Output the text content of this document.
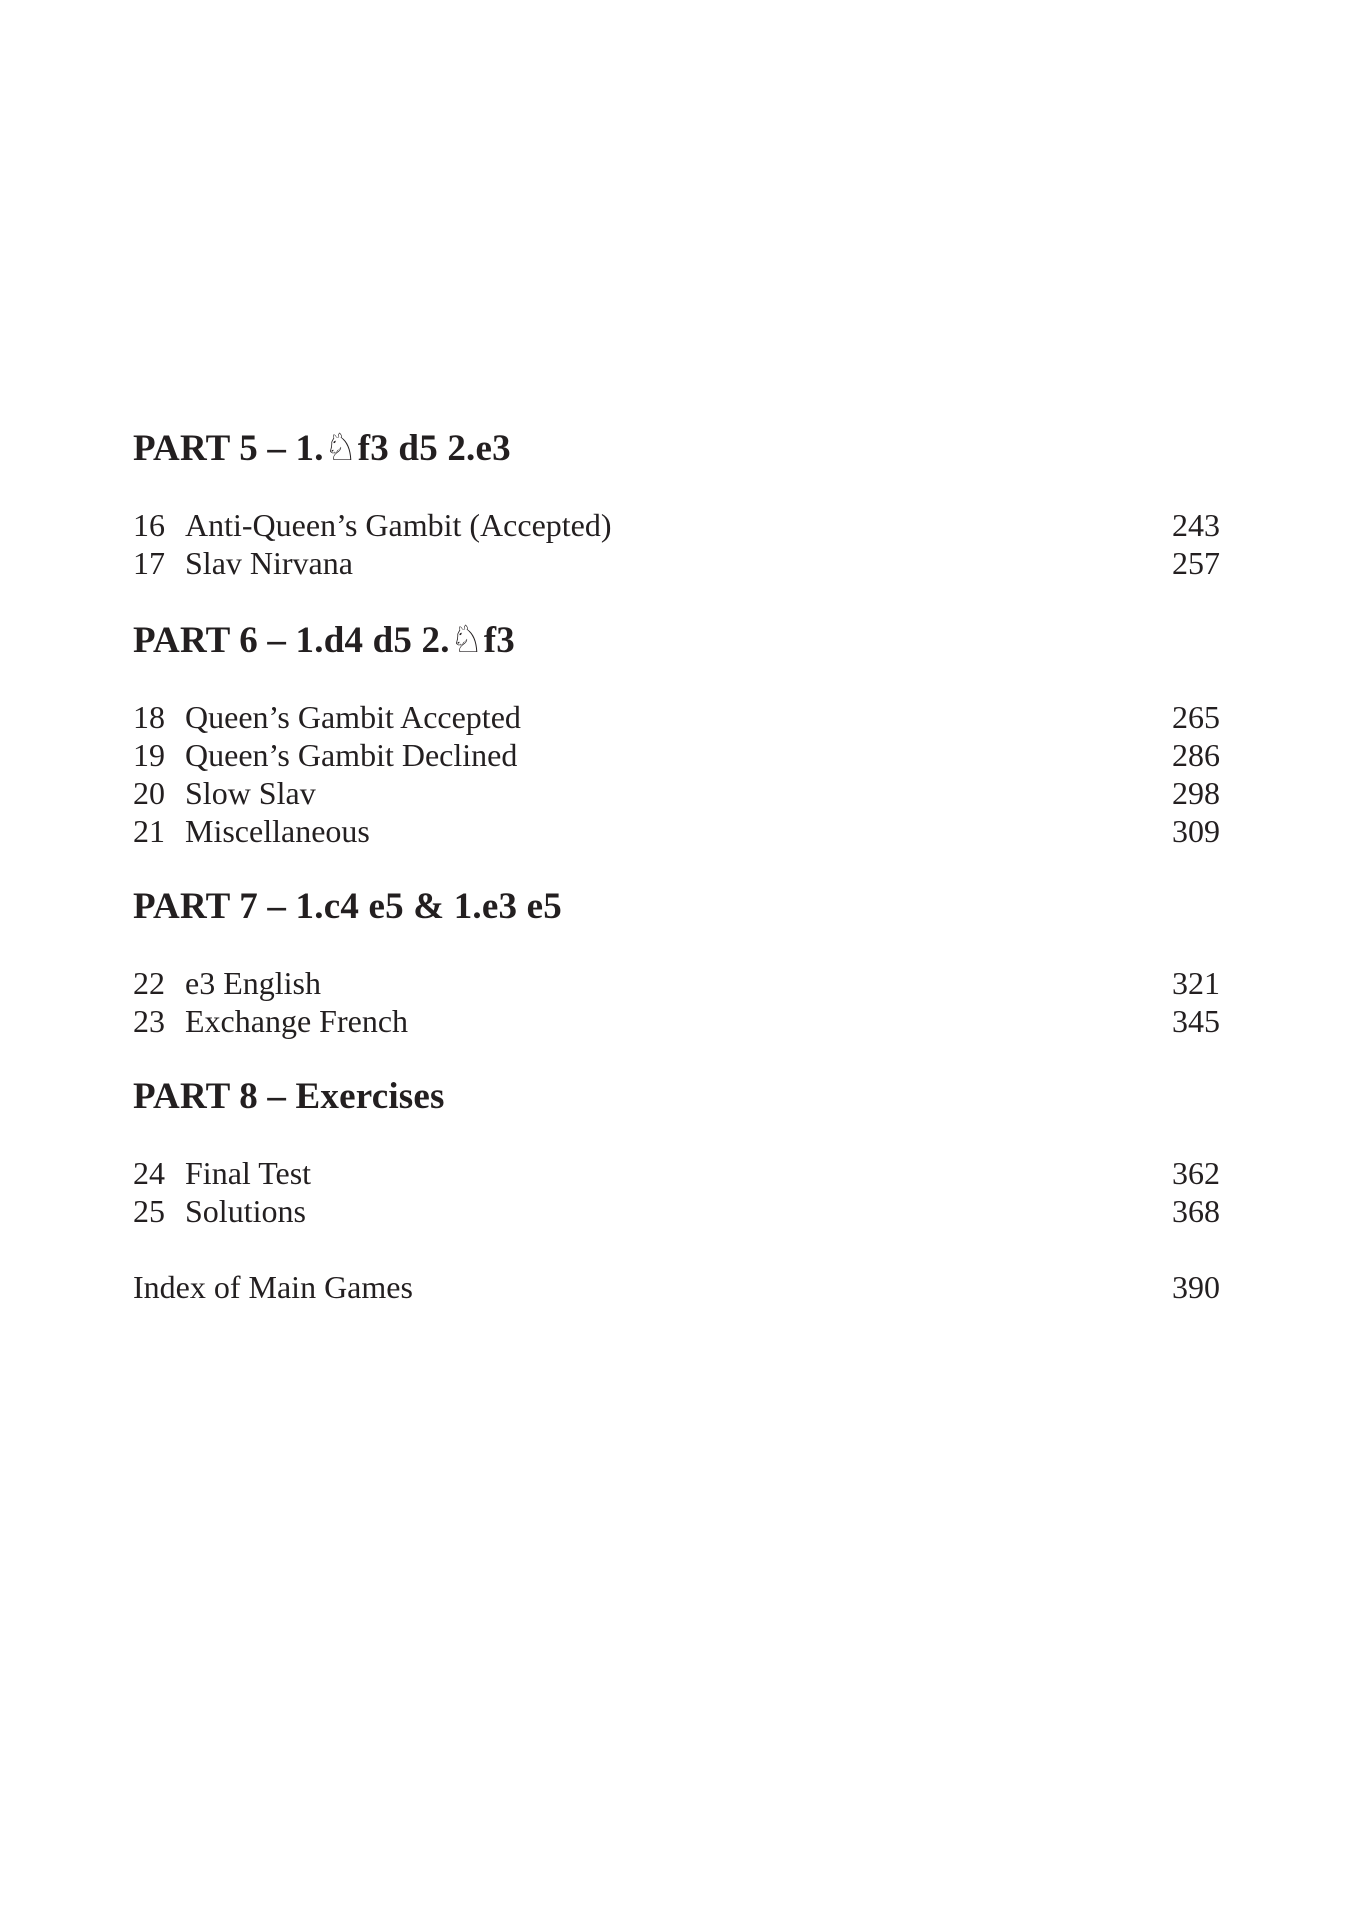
PART 5 – 1.♘f3 d5 2.e3
16 Anti-Queen’s Gambit (Accepted)	243
17 Slav Nirvana	257
PART 6 – 1.d4 d5 2.♘f3
18 Queen’s Gambit Accepted	265
19 Queen’s Gambit Declined	286
20 Slow Slav	298
21 Miscellaneous	309
PART 7 – 1.c4 e5 & 1.e3 e5
22 e3 English	321
23 Exchange French	345
PART 8 – Exercises
24 Final Test	362
25 Solutions	368
Index of Main Games	390
